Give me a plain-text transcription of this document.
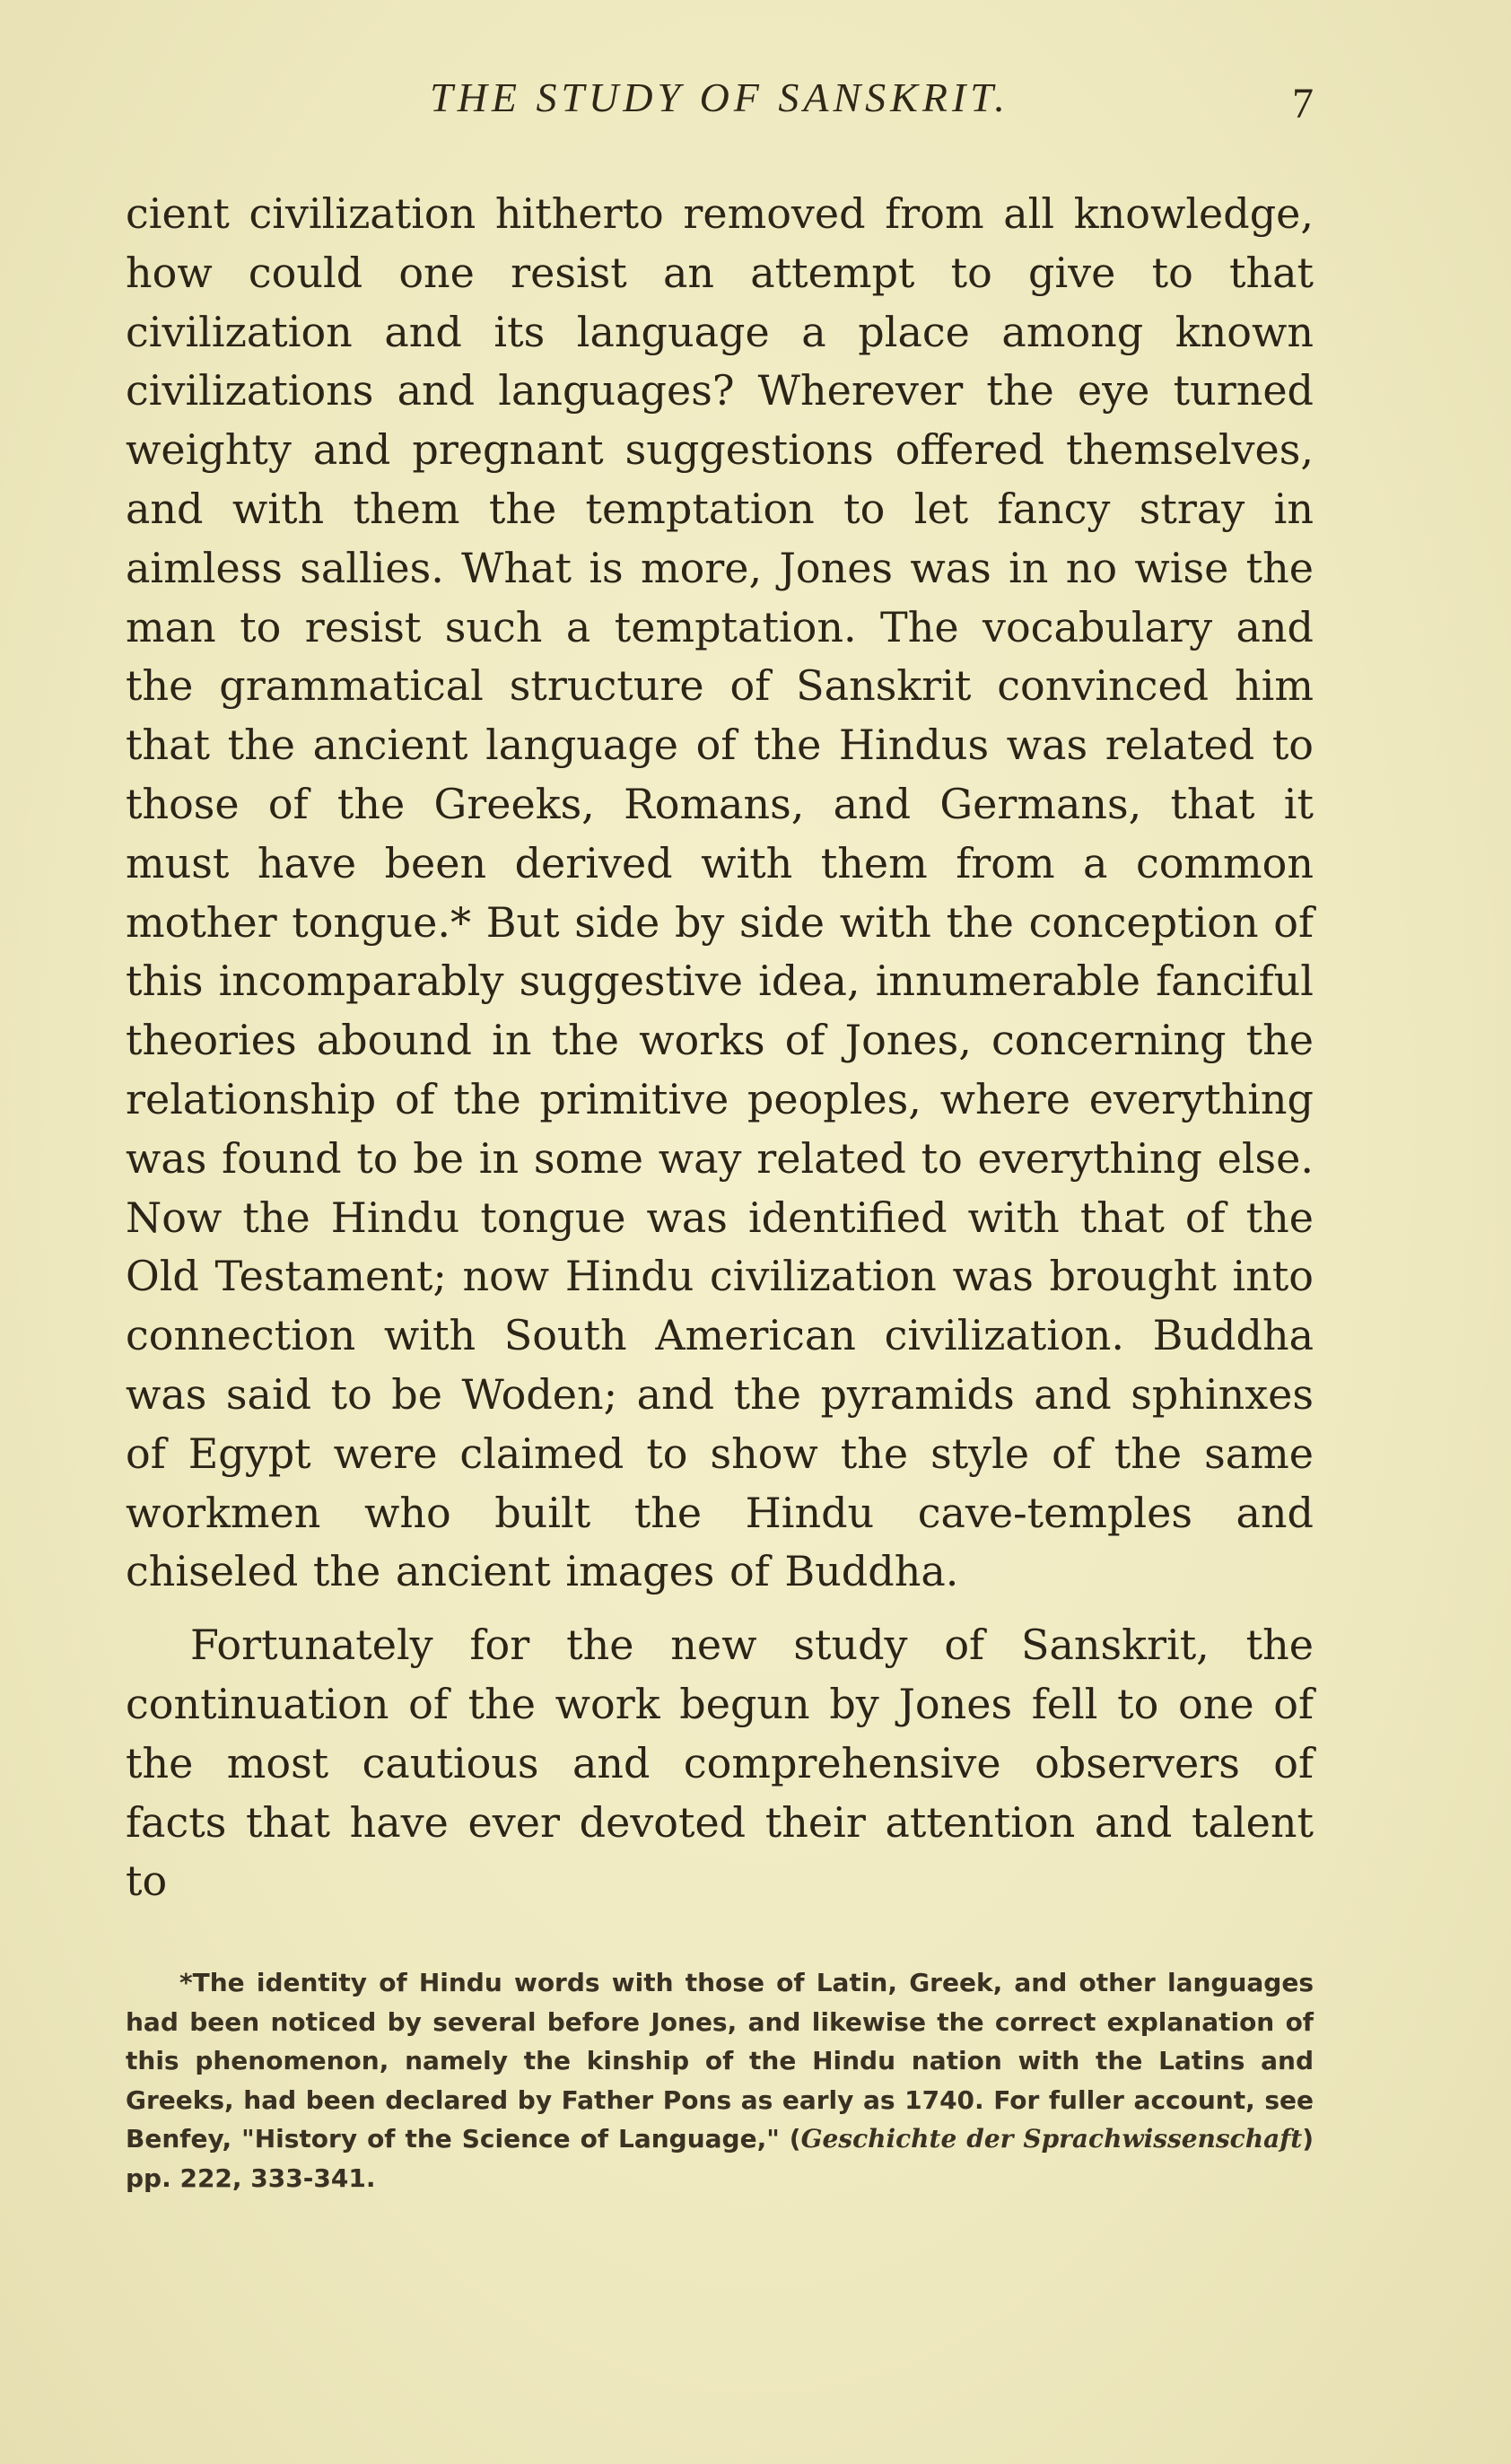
THE STUDY OF SANSKRIT.	7

cient civilization hitherto removed from all knowledge, how could one resist an attempt to give to that civilization and its language a place among known civilizations and languages? Wherever the eye turned weighty and pregnant suggestions offered themselves, and with them the temptation to let fancy stray in aimless sallies. What is more, Jones was in no wise the man to resist such a temptation. The vocabulary and the grammatical structure of Sanskrit convinced him that the ancient language of the Hindus was related to those of the Greeks, Romans, and Germans, that it must have been derived with them from a common mother tongue.* But side by side with the conception of this incomparably suggestive idea, innumerable fanciful theories abound in the works of Jones, concerning the relationship of the primitive peoples, where everything was found to be in some way related to everything else. Now the Hindu tongue was identified with that of the Old Testament; now Hindu civilization was brought into connection with South American civilization. Buddha was said to be Woden; and the pyramids and sphinxes of Egypt were claimed to show the style of the same workmen who built the Hindu cave-temples and chiseled the ancient images of Buddha.

Fortunately for the new study of Sanskrit, the continuation of the work begun by Jones fell to one of the most cautious and comprehensive observers of facts that have ever devoted their attention and talent to

*The identity of Hindu words with those of Latin, Greek, and other languages had been noticed by several before Jones, and likewise the correct explanation of this phenomenon, namely the kinship of the Hindu nation with the Latins and Greeks, had been declared by Father Pons as early as 1740. For fuller account, see Benfey, "History of the Science of Language," (Geschichte der Sprachwissenschaft) pp. 222, 333-341.
